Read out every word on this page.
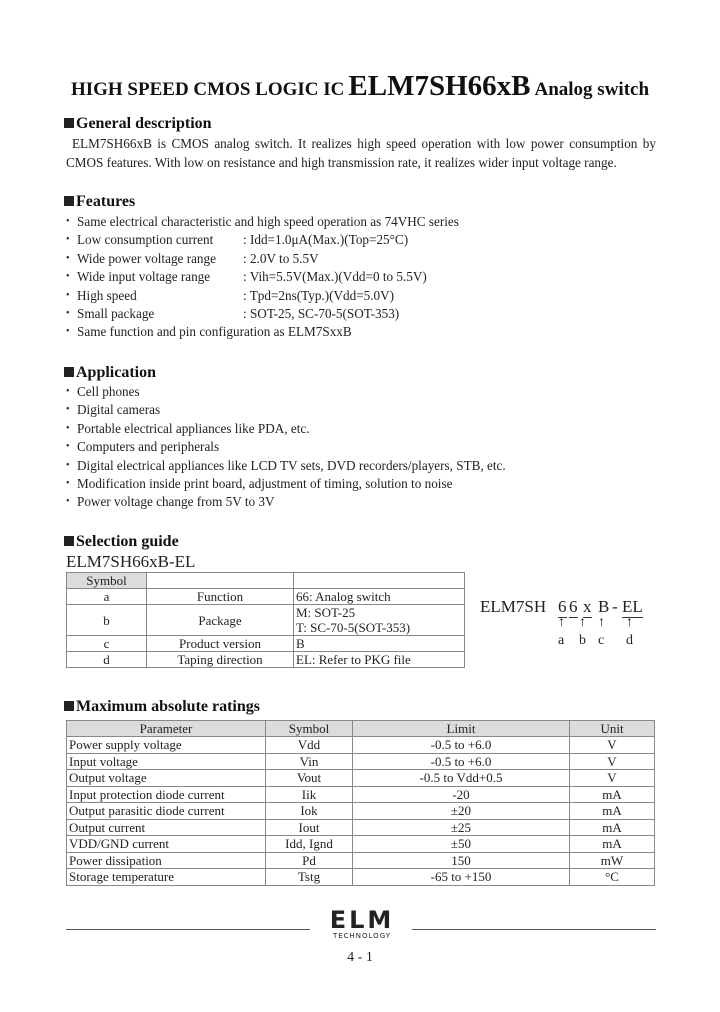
HIGH SPEED CMOS LOGIC IC ELM7SH66xB Analog switch
General description

ELM7SH66xB is CMOS analog switch. It realizes high speed operation with low power consumption by CMOS features. With low on resistance and high transmission rate, it realizes wider input voltage range.

Features
• Same electrical characteristic and high speed operation as 74VHC series
• Low consumption current : Idd=1.0μA(Max.)(Top=25°C)
• Wide power voltage range : 2.0V to 5.5V
• Wide input voltage range : Vih=5.5V(Max.)(Vdd=0 to 5.5V)
• High speed	: Tpd=2ns(Typ.)(Vdd=5.0V)
• Small package	: SOT-25, SC-70-5(SOT-353)
• Same function and pin configuration as ELM7SxxB
Application
• Cell phones
• Digital cameras
• Portable electrical appliances like PDA, etc.
• Computers and peripherals
• Digital electrical appliances like LCD TV sets, DVD recorders/players, STB, etc.
• Modification inside print board, adjustment of timing, solution to noise
• Power voltage change from 5V to 3V
Selection guide
ELM7SH66xB-EL
Symbol		
a	Function	66: Analog switch
b	Package	M: SOT-25
T: SC-70-5(SOT-353)

c	Product version	B
d	Taping direction	EL: Refer to PKG file
ELM7SH 6 6 x B - EL
↑ ↑ ↑ ↑
a b c d
Maximum absolute ratings
Parameter	Symbol	Limit	Unit
Power supply voltage	Vdd	-0.5 to +6.0	V
Input voltage	Vin	-0.5 to +6.0	V
Output voltage	Vout	-0.5 to Vdd+0.5	V
Input protection diode current	Iik	-20	mA
Output parasitic diode current	Iok	±20	mA
Output current	Iout	±25	mA
VDD/GND current	Idd, Ignd	±50	mA
Power dissipation	Pd	150	mW
Storage temperature	Tstg	-65 to +150	°C
ELM
TECHNOLOGY
4 - 1
